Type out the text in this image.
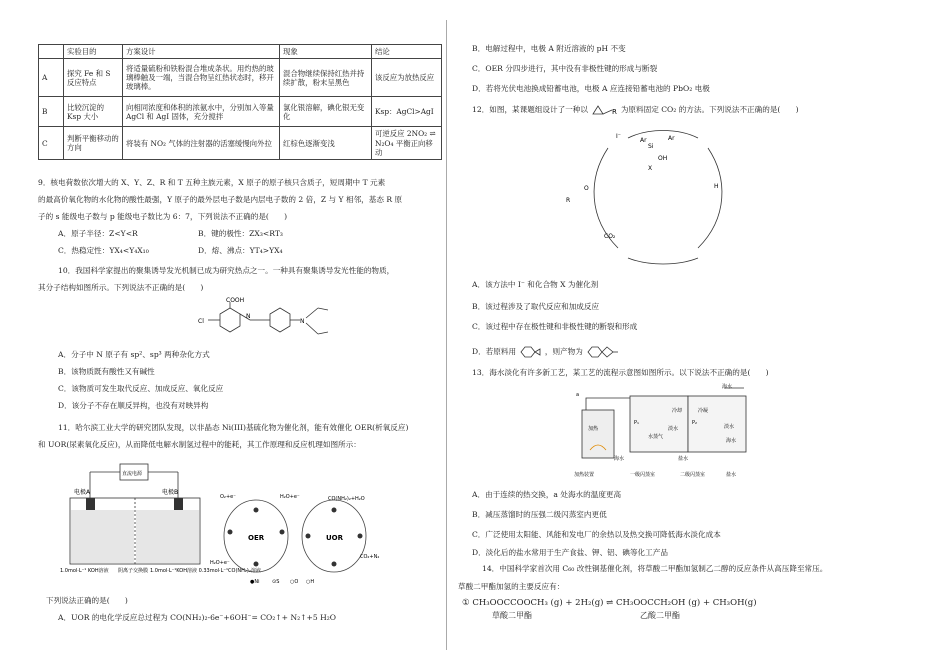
	实验目的	方案设计	现象	结论
A	探究 Fe 和 S 反应特点	将适量硫粉和铁粉混合堆成条状。用灼热的玻璃棒触及一端，当混合物呈红热状态时，移开玻璃棒。	混合物继续保持红热并持续扩散，粉末呈黑色	该反应为放热反应
B	比较沉淀的 Ksp 大小	向相同浓度和体积的浓氨水中，分别加入等量 AgCl 和 AgI 固体，充分搅拌	氯化银溶解，碘化银无变化	Ksp：AgCl>AgI
C	判断平衡移动的方向	将装有 NO₂ 气体的注射器的活塞缓慢向外拉	红棕色逐渐变浅	可逆反应 2NO₂ ⇌ N₂O₄ 平衡正向移动
9．核电荷数依次增大的 X、Y、Z、R 和 T 五种主族元素，X 原子的原子核只含质子，短周期中 T 元素
的最高价氧化物的水化物的酸性最强，Y 原子的最外层电子数是内层电子数的 2 倍，Z 与 Y 相邻，基态 R 原
子的 s 能级电子数与 p 能级电子数比为 6：7，下列说法不正确的是(　　)
A．原子半径：Z<Y<R	B．键的极性：ZX₃<RT₃
C．热稳定性：YX₄<Y₄X₁₀	D．熔、沸点：YT₄>YX₄
10．我国科学家提出的聚集诱导发光机制已成为研究热点之一。一种具有聚集诱导发光性能的物质，
其分子结构如图所示。下列说法不正确的是(　　)
COOH
Cl
N
N
A．分子中 N 原子有 sp²、sp³ 两种杂化方式
B．该物质既有酸性又有碱性
C．该物质可发生取代反应、加成反应、氧化反应
D．该分子不存在顺反异构，也没有对映异构
11．哈尔滨工业大学的研究团队发现，以非晶态 Ni(III)基硫化物为催化剂，能有效催化 OER(析氧反应)
和 UOR(尿素氧化反应)，从而降低电解水制氢过程中的能耗，其工作原理和反应机理如图所示：
电极A	电极B
直流电源
1.0mol·L⁻¹ KOH溶液 阴离子交换膜 1.0mol·L⁻¹KOH溶液 0.33mol·L⁻¹CO(NH₂)₂溶液
OER	UOR
H₂O+e⁻
CO(NH₂)₂+H₂O
CO₂+N₂
O₂+e⁻	H₂O+e⁻
●Ni	⊙S ○O ○H
下列说法正确的是(　　)
A．UOR 的电化学反应总过程为 CO(NH₂)₂-6e⁻+6OH⁻= CO₂↑+ N₂↑+5 H₂O
B．电解过程中，电极 A 附近溶液的 pH 不变
C．OER 分四步进行，其中没有非极性键的形成与断裂
D．若将光伏电池换成铅蓄电池，电极 A 应连接铅蓄电池的 PbO₂ 电极
12．如图，某课题组设计了一种以	R 为原料固定 CO₂ 的方法。下列说法不正确的是(　　)
Ar
Si
OH
Ar
X
I⁻
CO₂
R
O	H
A．该方法中 I⁻ 和化合物 X 为催化剂
B．该过程涉及了取代反应和加成反应
C．该过程中存在极性键和非极性键的断裂和形成
D．若原料用	，则产物为
13．海水淡化有许多新工艺，某工艺的流程示意图如图所示。以下说法不正确的是(　　)
海水
a
冷却	冷凝
淡水
P₁	P₂
水蒸气
加热
海水	盐水
加热装置	一级闪蒸室	二级闪蒸室	盐水
海水
淡水
A．由于连续的热交换，a 处海水的温度更高
B．减压蒸馏时的压强二级闪蒸室内更低
C．广泛使用太阳能、风能和发电厂的余热以及热交换可降低海水淡化成本
D．淡化后的盐水常用于生产食盐、钾、铝、碘等化工产品
14．中国科学家首次用 C₆₀ 改性铜基催化剂，将草酸二甲酯加氢制乙二醇的反应条件从高压降至常压。
草酸二甲酯加氢的主要反应有：
① CH₃OOCCOOCH₃ (g) + 2H₂(g) ⇌ CH₃OOCCH₂OH (g) + CH₃OH(g)
草酸二甲酯	乙酸二甲酯
